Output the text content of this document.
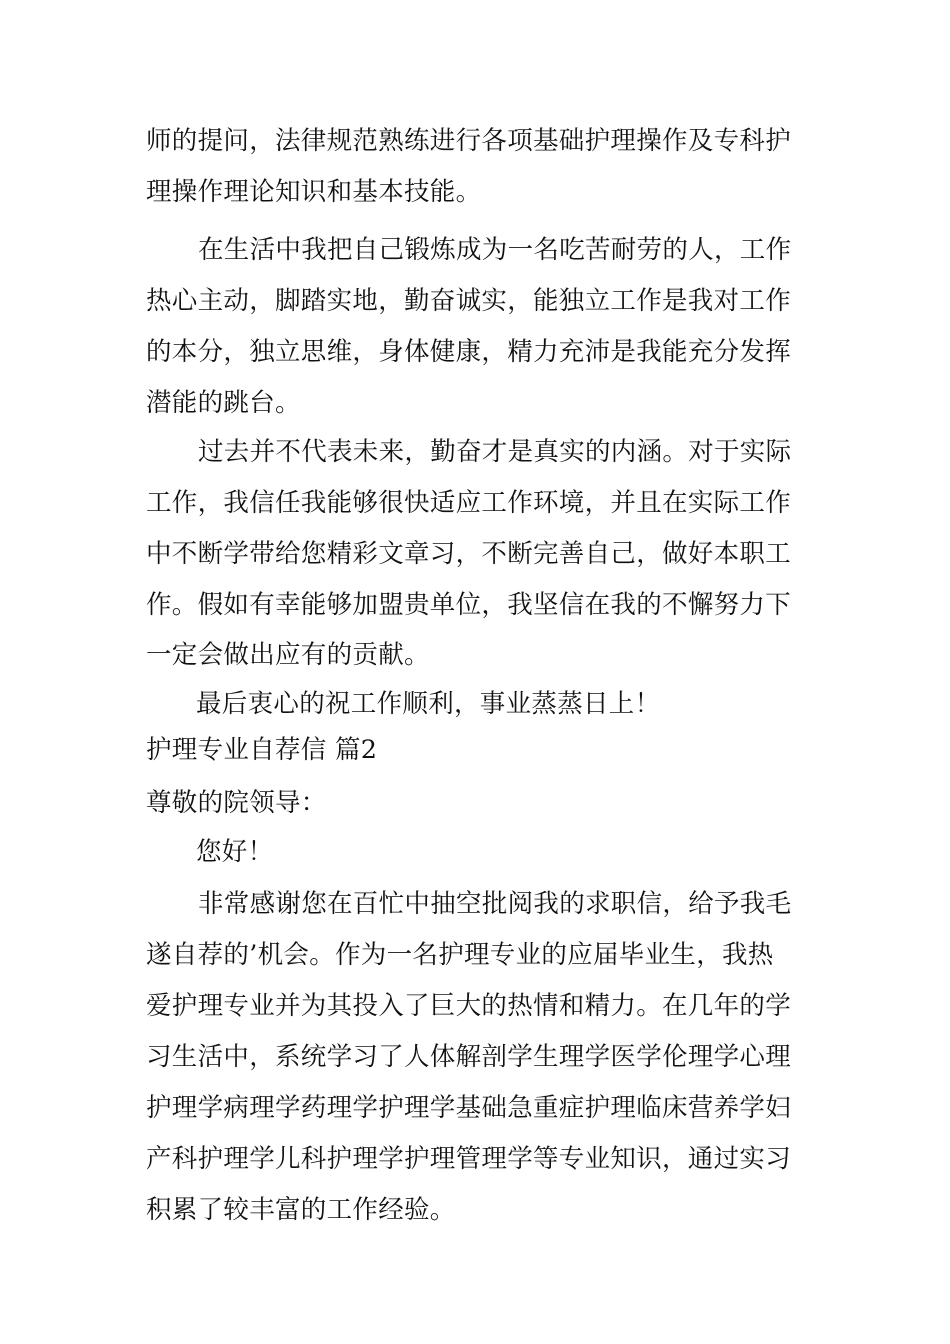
师的提问，法律规范熟练进行各项基础护理操作及专科护
理操作理论知识和基本技能。
在生活中我把自己锻炼成为一名吃苦耐劳的人，工作
热心主动，脚踏实地，勤奋诚实，能独立工作是我对工作
的本分，独立思维，身体健康，精力充沛是我能充分发挥
潜能的跳台。
过去并不代表未来，勤奋才是真实的内涵。对于实际
工作，我信任我能够很快适应工作环境，并且在实际工作
中不断学带给您精彩文章习，不断完善自己，做好本职工
作。假如有幸能够加盟贵单位，我坚信在我的不懈努力下
一定会做出应有的贡献。
最后衷心的祝工作顺利，事业蒸蒸日上！
护理专业自荐信 篇2
尊敬的院领导：
您好！
非常感谢您在百忙中抽空批阅我的求职信，给予我毛
遂自荐的’机会。作为一名护理专业的应届毕业生，我热
爱护理专业并为其投入了巨大的热情和精力。在几年的学
习生活中，系统学习了人体解剖学生理学医学伦理学心理
护理学病理学药理学护理学基础急重症护理临床营养学妇
产科护理学儿科护理学护理管理学等专业知识，通过实习
积累了较丰富的工作经验。
